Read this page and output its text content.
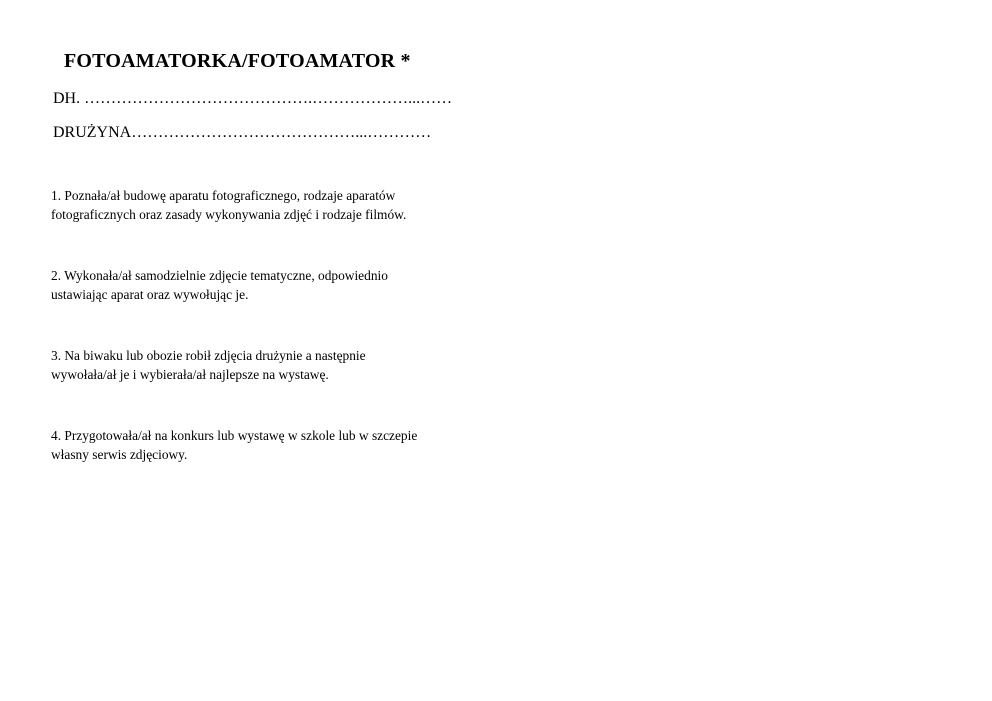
FOTOAMATORKA/FOTOAMATOR *

DH. …………………………………….………………...……

DRUŻYNA……………………………………...…………

1. Poznała/ał budowę aparatu fotograficznego, rodzaje aparatów
fotograficznych oraz zasady wykonywania zdjęć i rodzaje filmów.
2. Wykonała/ał samodzielnie zdjęcie tematyczne, odpowiednio
ustawiając aparat oraz wywołując je.
3. Na biwaku lub obozie robił zdjęcia drużynie a następnie
wywołała/ał je i wybierała/ał najlepsze na wystawę.
4. Przygotowała/ał na konkurs lub wystawę w szkole lub w szczepie
własny serwis zdjęciowy.
